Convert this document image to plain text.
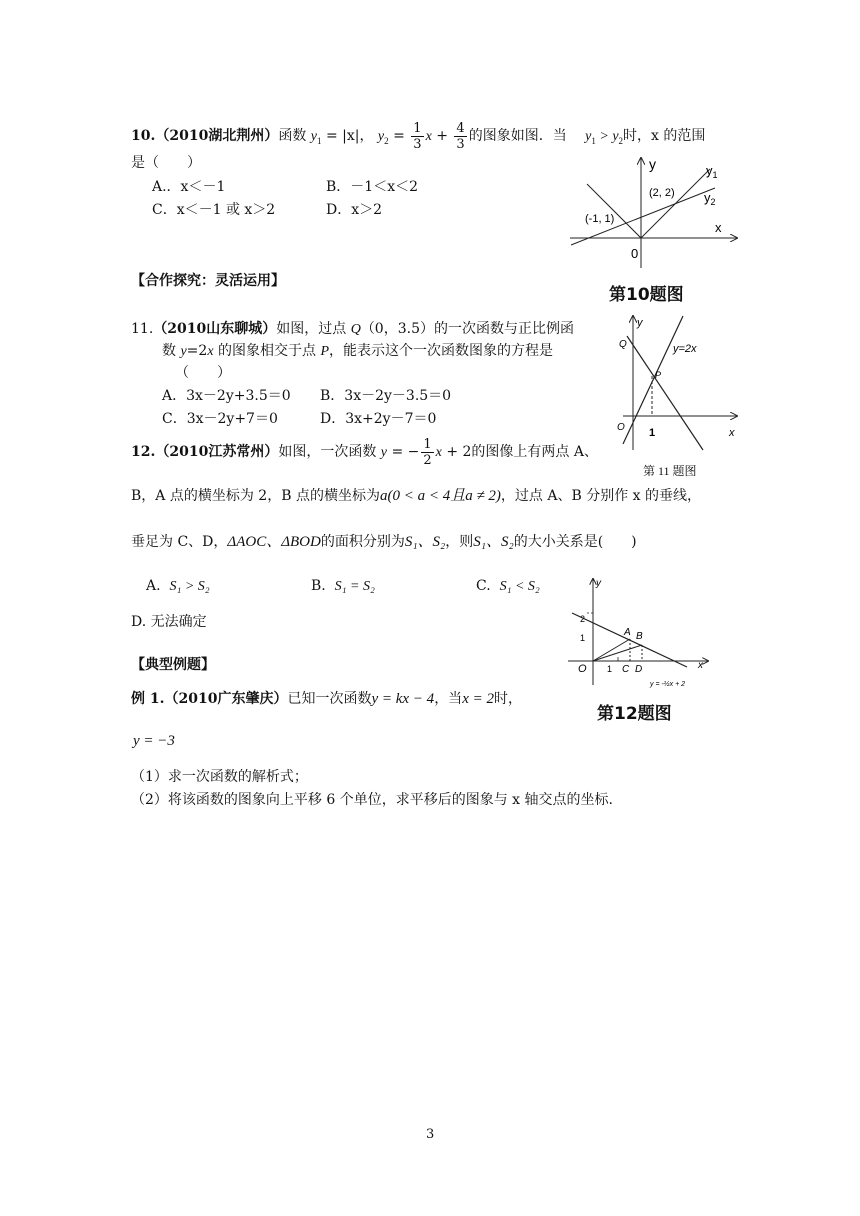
10.（2010湖北荆州）函数 $y_1 = |x|$， $y_2 = \frac{1}{3}$ $x + \frac{4}{3}$ 的图象如图．当 $y_1 > y_2$时，x 的范围
是（　　）
A.．x＜－1	B．－1＜x＜2
C．x＜－1 或 x＞2	D．x＞2
y
x
0
$y_1$
$y_2$
(2, 2)
(-1, 1)
第10题图
【合作探究：灵活运用】
11.（2010山东聊城）如图，过点 Q（0，3.5）的一次函数与正比例函
数 y=2x 的图象相交于点 P，能表示这个一次函数图象的方程是
（　　）
A．3x－2y+3.5＝0 B．3x－2y－3.5＝0
C．3x－2y+7＝0	D．3x+2y－7＝0
y
x
O
Q
P
1
y=2x
第 11 题图
12.（2010江苏常州）如图，一次函数 y = − $\frac{1}{2}$ x + 2的图像上有两点 A、
B，A 点的横坐标为 2，B 点的横坐标为a(0 < a < 4且a ≠ 2)，过点 A、B 分别作 x 的垂线，
垂足为 C、D，ΔAOC、ΔBOD的面积分别为S₁、S₂，则S₁、S₂的大小关系是(　　)
A. S₁ > S₂	B. S₁ = S₂	C. S₁ < S₂
D. 无法确定
y
x
2
1
O 1
A B
C D
y = -½x + 2
第12题图
【典型例题】
例 1.（2010广东肇庆）已知一次函数y = kx − 4，当x = 2时，
y = −3
（1）求一次函数的解析式；
（2）将该函数的图象向上平移 6 个单位，求平移后的图象与 x 轴交点的坐标.
3
